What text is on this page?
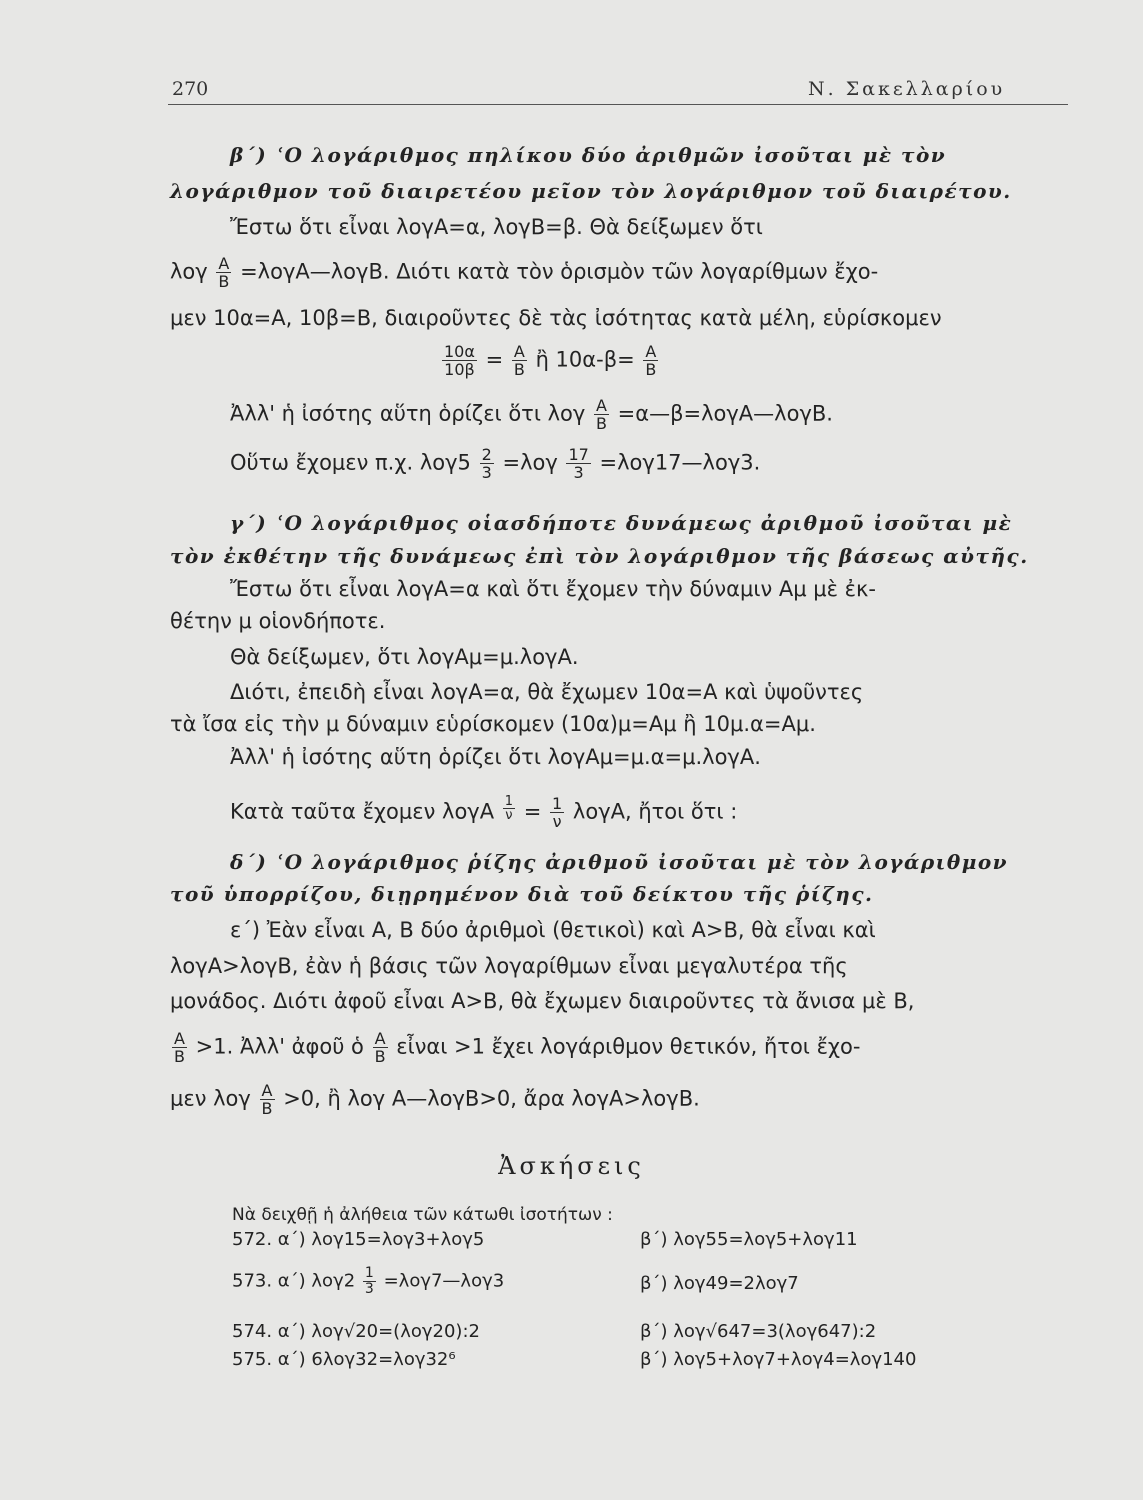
270	Ν. Σακελλαρίου
β΄) ʿΟ λογάριθμος πηλίκου δύο ἀριθμῶν ἰσοῦται μὲ τὸν
λογάριθμον τοῦ διαιρετέου μεῖον τὸν λογάριθμον τοῦ διαιρέτου.
Ἔστω ὅτι εἶναι λογΑ=α, λογΒ=β. Θὰ δείξωμεν ὅτι
λογ $\frac{A}{B}$ =λογΑ—λογΒ. Διότι κατὰ τὸν ὁρισμὸν τῶν λογαρίθμων ἔχο-
μεν 10α=Α, 10β=Β, διαιροῦντες δὲ τὰς ἰσότητας κατὰ μέλη, εὑρίσκομεν
$\frac{10\alpha}{10\beta} = \frac{A}{B}$ ἢ $10\alpha-\beta= \frac{A}{B}$
Ἀλλ' ἡ ἰσότης αὕτη ὁρίζει ὅτι λογ $\frac{A}{B}$ =α—β=λογΑ—λογΒ.
Οὕτω ἔχομεν π.χ. $\lambda o\gamma 5 \frac{2}{3} =\lambda o\gamma \frac{17}{3}$ =λογ17—λογ3.
γ΄) ʿΟ λογάριθμος οἱασδήποτε δυνάμεως ἀριθμοῦ ἰσοῦται μὲ
τὸν ἐκθέτην τῆς δυνάμεως ἐπὶ τὸν λογάριθμον τῆς βάσεως αὐτῆς.
Ἔστω ὅτι εἶναι λογΑ=α καὶ ὅτι ἔχομεν τὴν δύναμιν Αμ μὲ ἐκ-
θέτην μ οἱονδήποτε.
Θὰ δείξωμεν, ὅτι λογΑμ=μ.λογΑ.
Διότι, ἐπειδὴ εἶναι λογΑ=α, θὰ ἔχωμεν 10α=Α καὶ ὑψοῦντες
τὰ ἴσα εἰς τὴν μ δύναμιν εὑρίσκομεν (10α)μ=Αμ ἢ 10μ.α=Αμ.
Ἀλλ' ἡ ἰσότης αὕτη ὁρίζει ὅτι λογΑμ=μ.α=μ.λογΑ.
Κατὰ ταῦτα ἔχομεν λογΑ $\frac{1}{\nu} = \frac{1}{\nu} \lambda o\gamma A$, ἤτοι ὅτι :
δ΄) ʿΟ λογάριθμος ῥίζης ἀριθμοῦ ἰσοῦται μὲ τὸν λογάριθμον
τοῦ ὑπορρίζου, διῃρημένον διὰ τοῦ δείκτου τῆς ῥίζης.
ε΄) Ἐὰν εἶναι Α, Β δύο ἀριθμοὶ (θετικοὶ) καὶ Α>Β, θὰ εἶναι καὶ
λογΑ>λογΒ, ἐὰν ἡ βάσις τῶν λογαρίθμων εἶναι μεγαλυτέρα τῆς
μονάδος. Διότι ἀφοῦ εἶναι Α>Β, θὰ ἔχωμεν διαιροῦντες τὰ ἄνισα μὲ Β,
$\frac{A}{B} >1$. Ἀλλ' ἀφοῦ ὁ $\frac{A}{B}$ εἶναι >1 ἔχει λογάριθμον θετικόν, ἤτοι ἔχο-
μεν λογ $\frac{A}{B} >0$, ἢ λογ Α—λογΒ>0, ἄρα λογΑ>λογΒ.
Ἀσκήσεις
Νὰ δειχθῇ ἡ ἀλήθεια τῶν κάτωθι ἰσοτήτων :
572. α΄) λογ15=λογ3+λογ5	β΄) λογ55=λογ5+λογ11
573. α΄) $\lambda o\gamma 2 \frac{1}{3}$ =λογ7—λογ3	β΄) λογ49=2λογ7
574. α΄) λογ√20=(λογ20):2	β΄) λογ√647=3(λογ647):2
575. α΄) 6λογ32=λογ32⁶	β΄) λογ5+λογ7+λογ4=λογ140
